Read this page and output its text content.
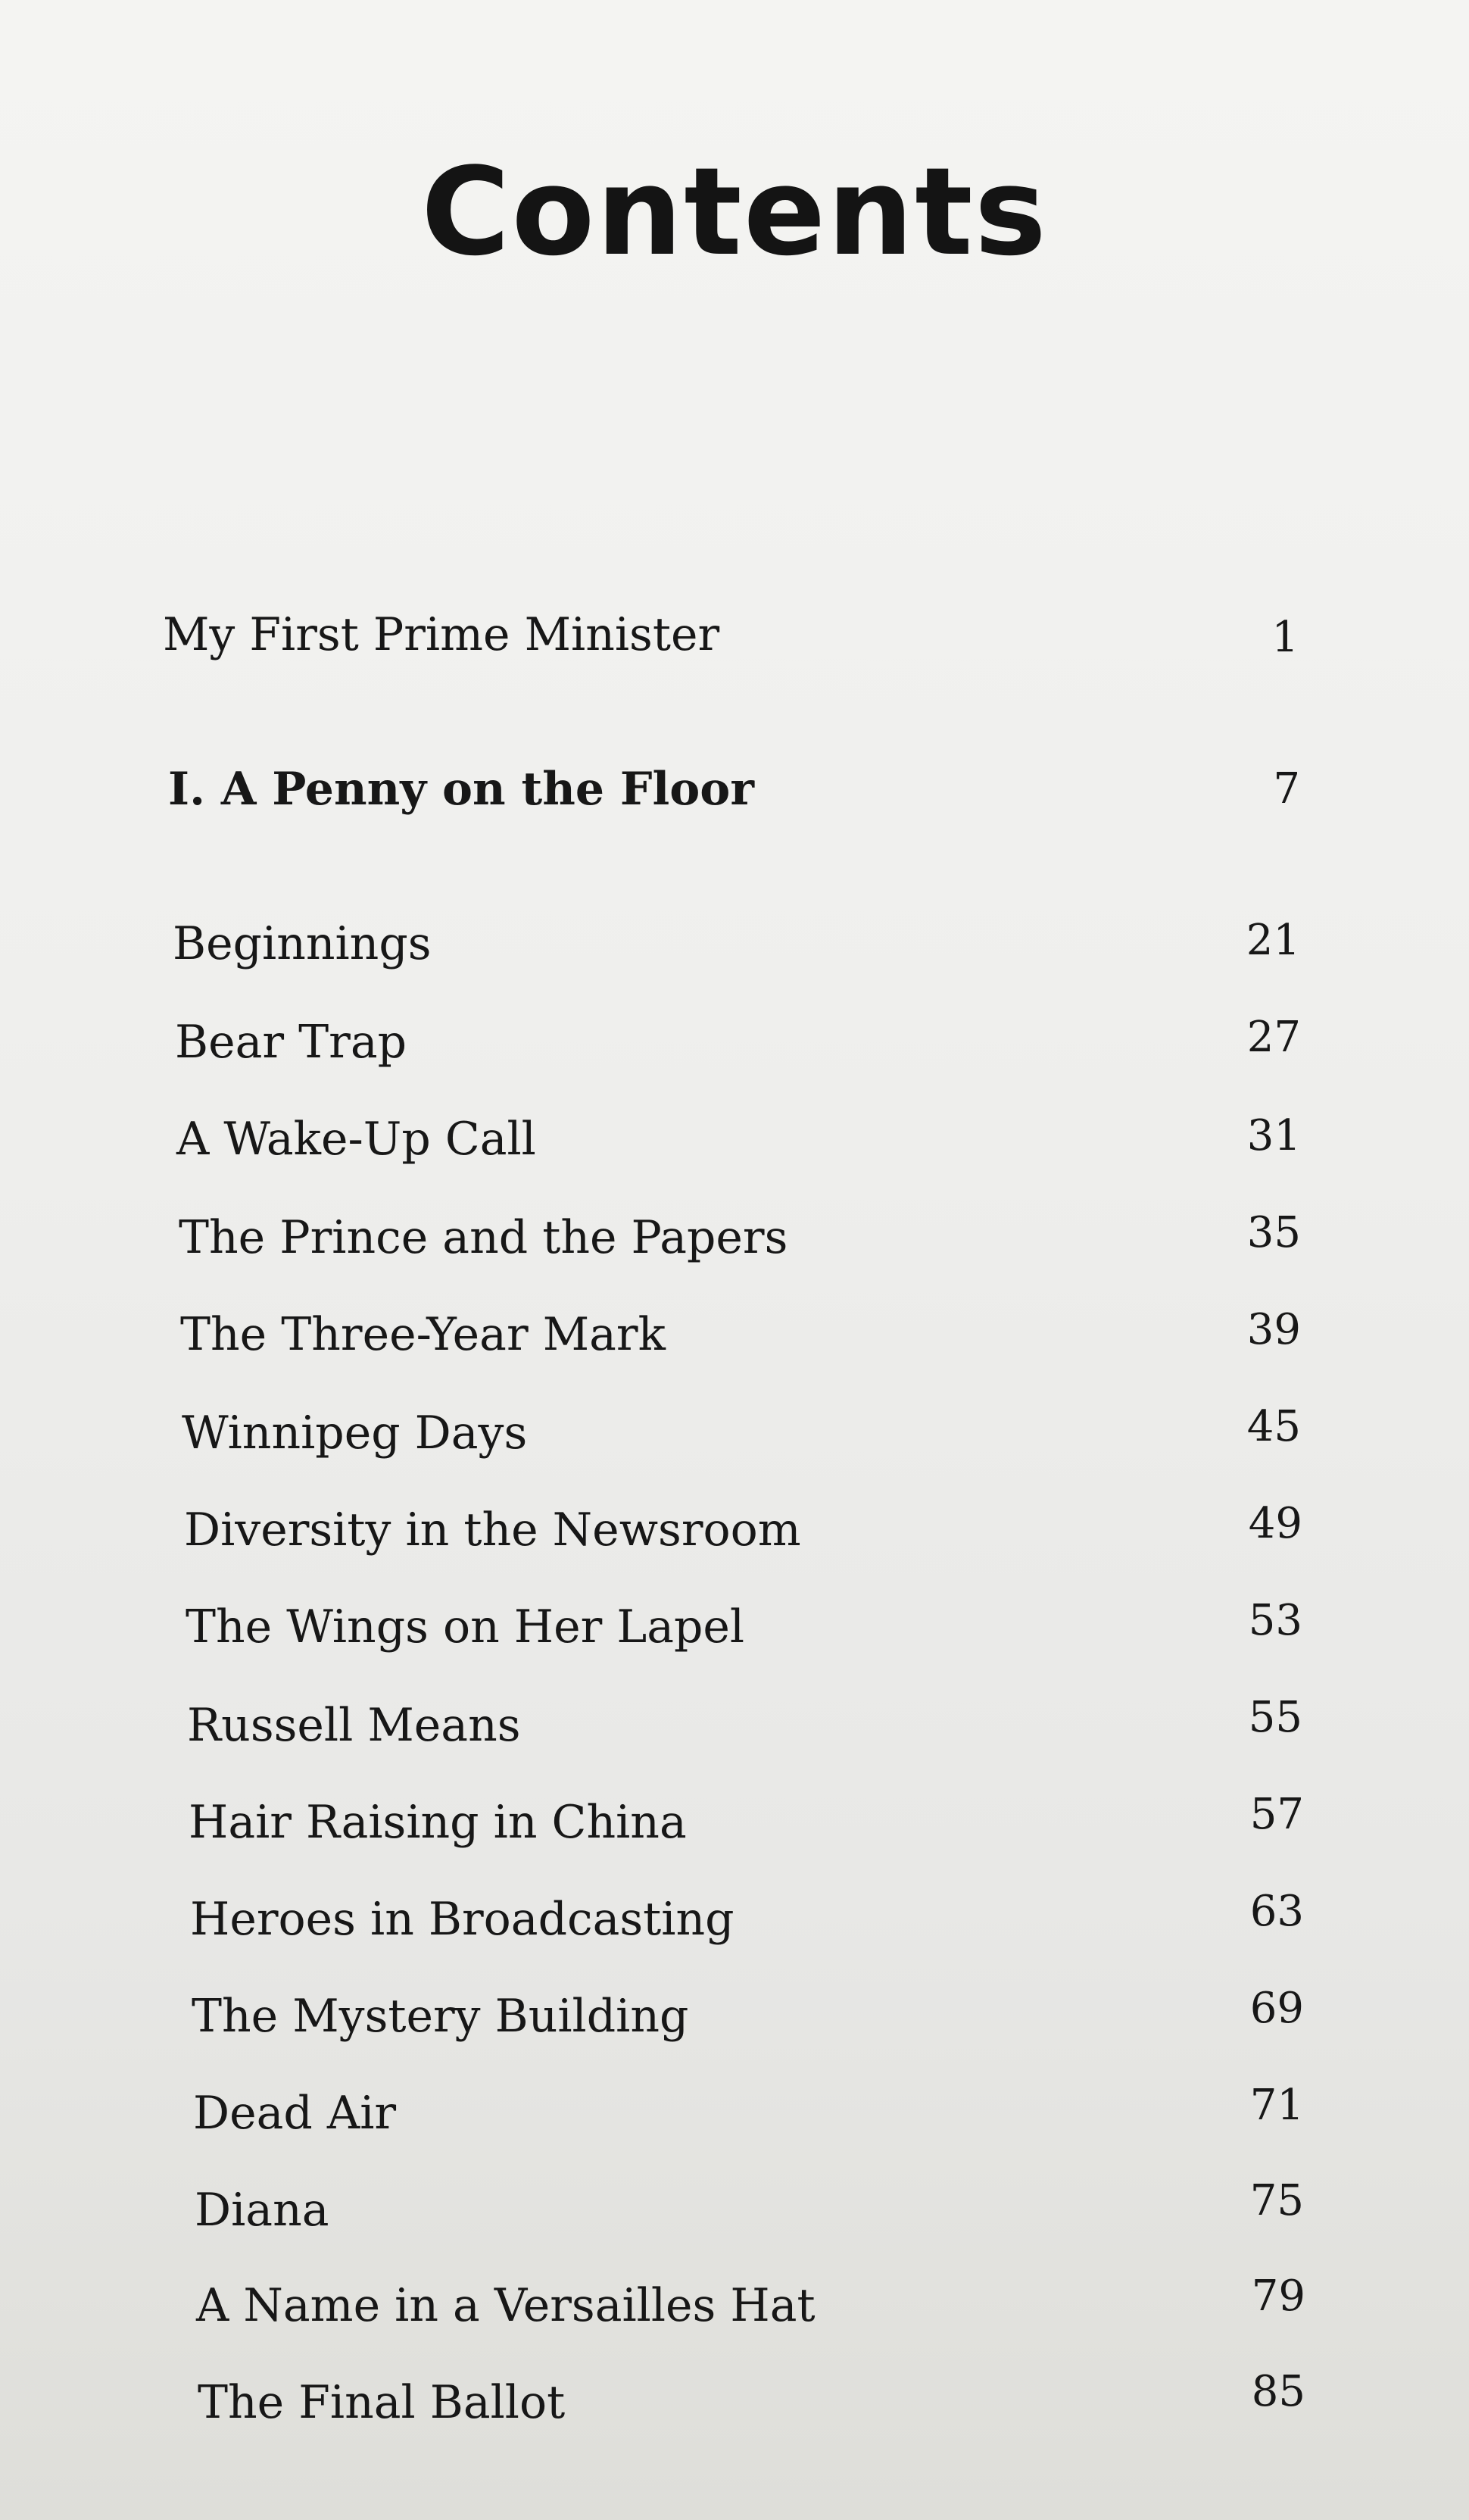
Contents
My First Prime Minister	1
I. A Penny on the Floor	7
Beginnings	21
Bear Trap	27
A Wake-Up Call	31
The Prince and the Papers	35
The Three-Year Mark	39
Winnipeg Days	45
Diversity in the Newsroom	49
The Wings on Her Lapel	53
Russell Means	55
Hair Raising in China	57
Heroes in Broadcasting	63
The Mystery Building	69
Dead Air	71
Diana	75
A Name in a Versailles Hat	79
The Final Ballot	85
